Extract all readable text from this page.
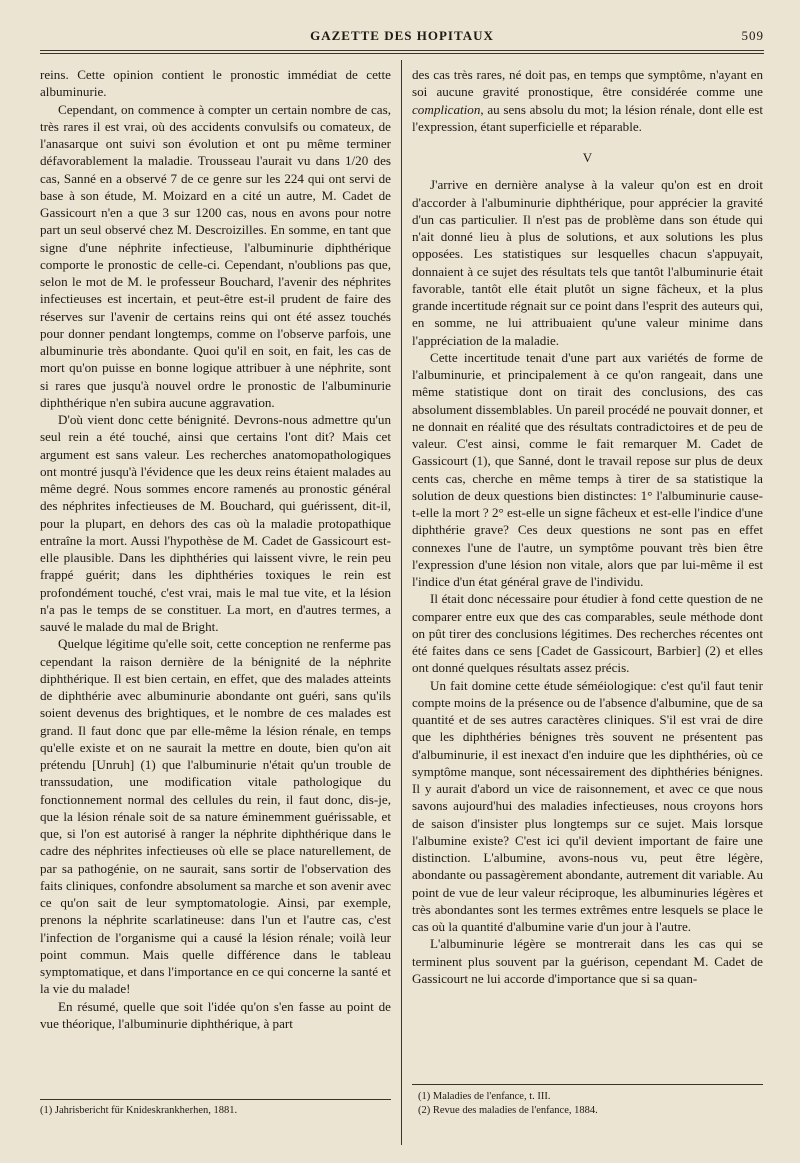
GAZETTE DES HOPITAUX	509

reins. Cette opinion contient le pronostic immédiat de cette albuminurie.

Cependant, on commence à compter un certain nombre de cas, très rares il est vrai, où des accidents convulsifs ou comateux, de l'anasarque ont suivi son évolution et ont pu même terminer défavorablement la maladie. Trousseau l'aurait vu dans 1/20 des cas, Sanné en a observé 7 de ce genre sur les 224 qui ont servi de base à son étude, M. Moizard en a cité un autre, M. Cadet de Gassicourt n'en a que 3 sur 1200 cas, nous en avons pour notre part un seul observé chez M. Descroizilles. En somme, en tant que signe d'une néphrite infectieuse, l'albuminurie diphthérique comporte le pronostic de celle-ci. Cependant, n'oublions pas que, selon le mot de M. le professeur Bouchard, l'avenir des néphrites infectieuses est incertain, et peut-être est-il prudent de faire des réserves sur l'avenir de certains reins qui ont été assez touchés pour donner pendant longtemps, comme on l'observe parfois, une albuminurie très abondante. Quoi qu'il en soit, en fait, les cas de mort qu'on puisse en bonne logique attribuer à une néphrite, sont si rares que jusqu'à nouvel ordre le pronostic de l'albuminurie diphthérique n'en subira aucune aggravation.

D'où vient donc cette bénignité. Devrons-nous admettre qu'un seul rein a été touché, ainsi que certains l'ont dit? Mais cet argument est sans valeur. Les recherches anatomopathologiques ont montré jusqu'à l'évidence que les deux reins étaient malades au même degré. Nous sommes encore ramenés au pronostic général des néphrites infectieuses de M. Bouchard, qui guérissent, dit-il, pour la plupart, en dehors des cas où la maladie protopathique entraîne la mort. Aussi l'hypothèse de M. Cadet de Gassicourt est-elle plausible. Dans les diphthéries qui laissent vivre, le rein peu frappé guérit; dans les diphthéries toxiques le rein est profondément touché, c'est vrai, mais le mal tue vite, et la lésion n'a pas le temps de se constituer. La mort, en d'autres termes, a sauvé le malade du mal de Bright.

Quelque légitime qu'elle soit, cette conception ne renferme pas cependant la raison dernière de la bénignité de la néphrite diphthérique. Il est bien certain, en effet, que des malades atteints de diphthérie avec albuminurie abondante ont guéri, sans qu'ils soient devenus des brightiques, et le nombre de ces malades est grand. Il faut donc que par elle-même la lésion rénale, en temps qu'elle existe et on ne saurait la mettre en doute, bien qu'on ait prétendu [Unruh] (1) que l'albuminurie n'était qu'un trouble de transsudation, une modification vitale pathologique du fonctionnement normal des cellules du rein, il faut donc, dis-je, que la lésion rénale soit de sa nature éminemment guérissable, et que, si l'on est autorisé à ranger la néphrite diphthérique dans le cadre des néphrites infectieuses où elle se place naturellement, de par sa pathogénie, on ne saurait, sans sortir de l'observation des faits cliniques, confondre absolument sa marche et son avenir avec ce qu'on sait de leur symptomatologie. Ainsi, par exemple, prenons la néphrite scarlatineuse: dans l'un et l'autre cas, c'est l'infection de l'organisme qui a causé la lésion rénale; voilà leur point commun. Mais quelle différence dans le tableau symptomatique, et dans l'importance en ce qui concerne la santé et la vie du malade!

En résumé, quelle que soit l'idée qu'on s'en fasse au point de vue théorique, l'albuminurie diphthérique, à part

(1) Jahrisbericht für Knideskrankherhen, 1881.

des cas très rares, né doit pas, en temps que symptôme, n'ayant en soi aucune gravité pronostique, être considérée comme une complication, au sens absolu du mot; la lésion rénale, dont elle est l'expression, étant superficielle et réparable.

V

J'arrive en dernière analyse à la valeur qu'on est en droit d'accorder à l'albuminurie diphthérique, pour apprécier la gravité d'un cas particulier. Il n'est pas de problème dans son étude qui n'ait donné lieu à plus de solutions, et aux solutions les plus opposées. Les statistiques sur lesquelles chacun s'appuyait, donnaient à ce sujet des résultats tels que tantôt l'albuminurie était favorable, tantôt elle était plutôt un signe fâcheux, et la plus grande incertitude régnait sur ce point dans l'esprit des auteurs qui, en somme, ne lui attribuaient qu'une valeur minime dans l'appréciation de la maladie.

Cette incertitude tenait d'une part aux variétés de forme de l'albuminurie, et principalement à ce qu'on rangeait, dans une même statistique dont on tirait des conclusions, des cas absolument dissemblables. Un pareil procédé ne pouvait donner, et ne donnait en réalité que des résultats contradictoires et de peu de valeur. C'est ainsi, comme le fait remarquer M. Cadet de Gassicourt (1), que Sanné, dont le travail repose sur plus de deux cents cas, cherche en même temps à tirer de sa statistique la solution de deux questions bien distinctes: 1° l'albuminurie cause-t-elle la mort ? 2° est-elle un signe fâcheux et est-elle l'indice d'une diphthérie grave? Ces deux questions ne sont pas en effet connexes l'une de l'autre, un symptôme pouvant très bien être l'expression d'une lésion non vitale, alors que par lui-même il est l'indice d'un état général grave de l'individu.

Il était donc nécessaire pour étudier à fond cette question de ne comparer entre eux que des cas comparables, seule méthode dont on pût tirer des conclusions légitimes. Des recherches récentes ont été faites dans ce sens [Cadet de Gassicourt, Barbier] (2) et elles ont donné quelques résultats assez précis.

Un fait domine cette étude séméiologique: c'est qu'il faut tenir compte moins de la présence ou de l'absence d'albumine, que de sa quantité et de ses autres caractères cliniques. S'il est vrai de dire que les diphthéries bénignes très souvent ne présentent pas d'albuminurie, il est inexact d'en induire que les diphthéries, où ce symptôme manque, sont nécessairement des diphthéries bénignes. Il y aurait d'abord un vice de raisonnement, et avec ce que nous savons aujourd'hui des maladies infectieuses, nous croyons hors de saison d'insister plus longtemps sur ce sujet. Mais lorsque l'albumine existe? C'est ici qu'il devient important de faire une distinction. L'albumine, avons-nous vu, peut être légère, abondante ou passagèrement abondante, autrement dit variable. Au point de vue de leur valeur réciproque, les albuminuries légères et très abondantes sont les termes extrêmes entre lesquels se place le cas où la quantité d'albumine varie d'un jour à l'autre.

L'albuminurie légère se montrerait dans les cas qui se terminent plus souvent par la guérison, cependant M. Cadet de Gassicourt ne lui accorde d'importance que si sa quan-

(1) Maladies de l'enfance, t. III.
(2) Revue des maladies de l'enfance, 1884.
